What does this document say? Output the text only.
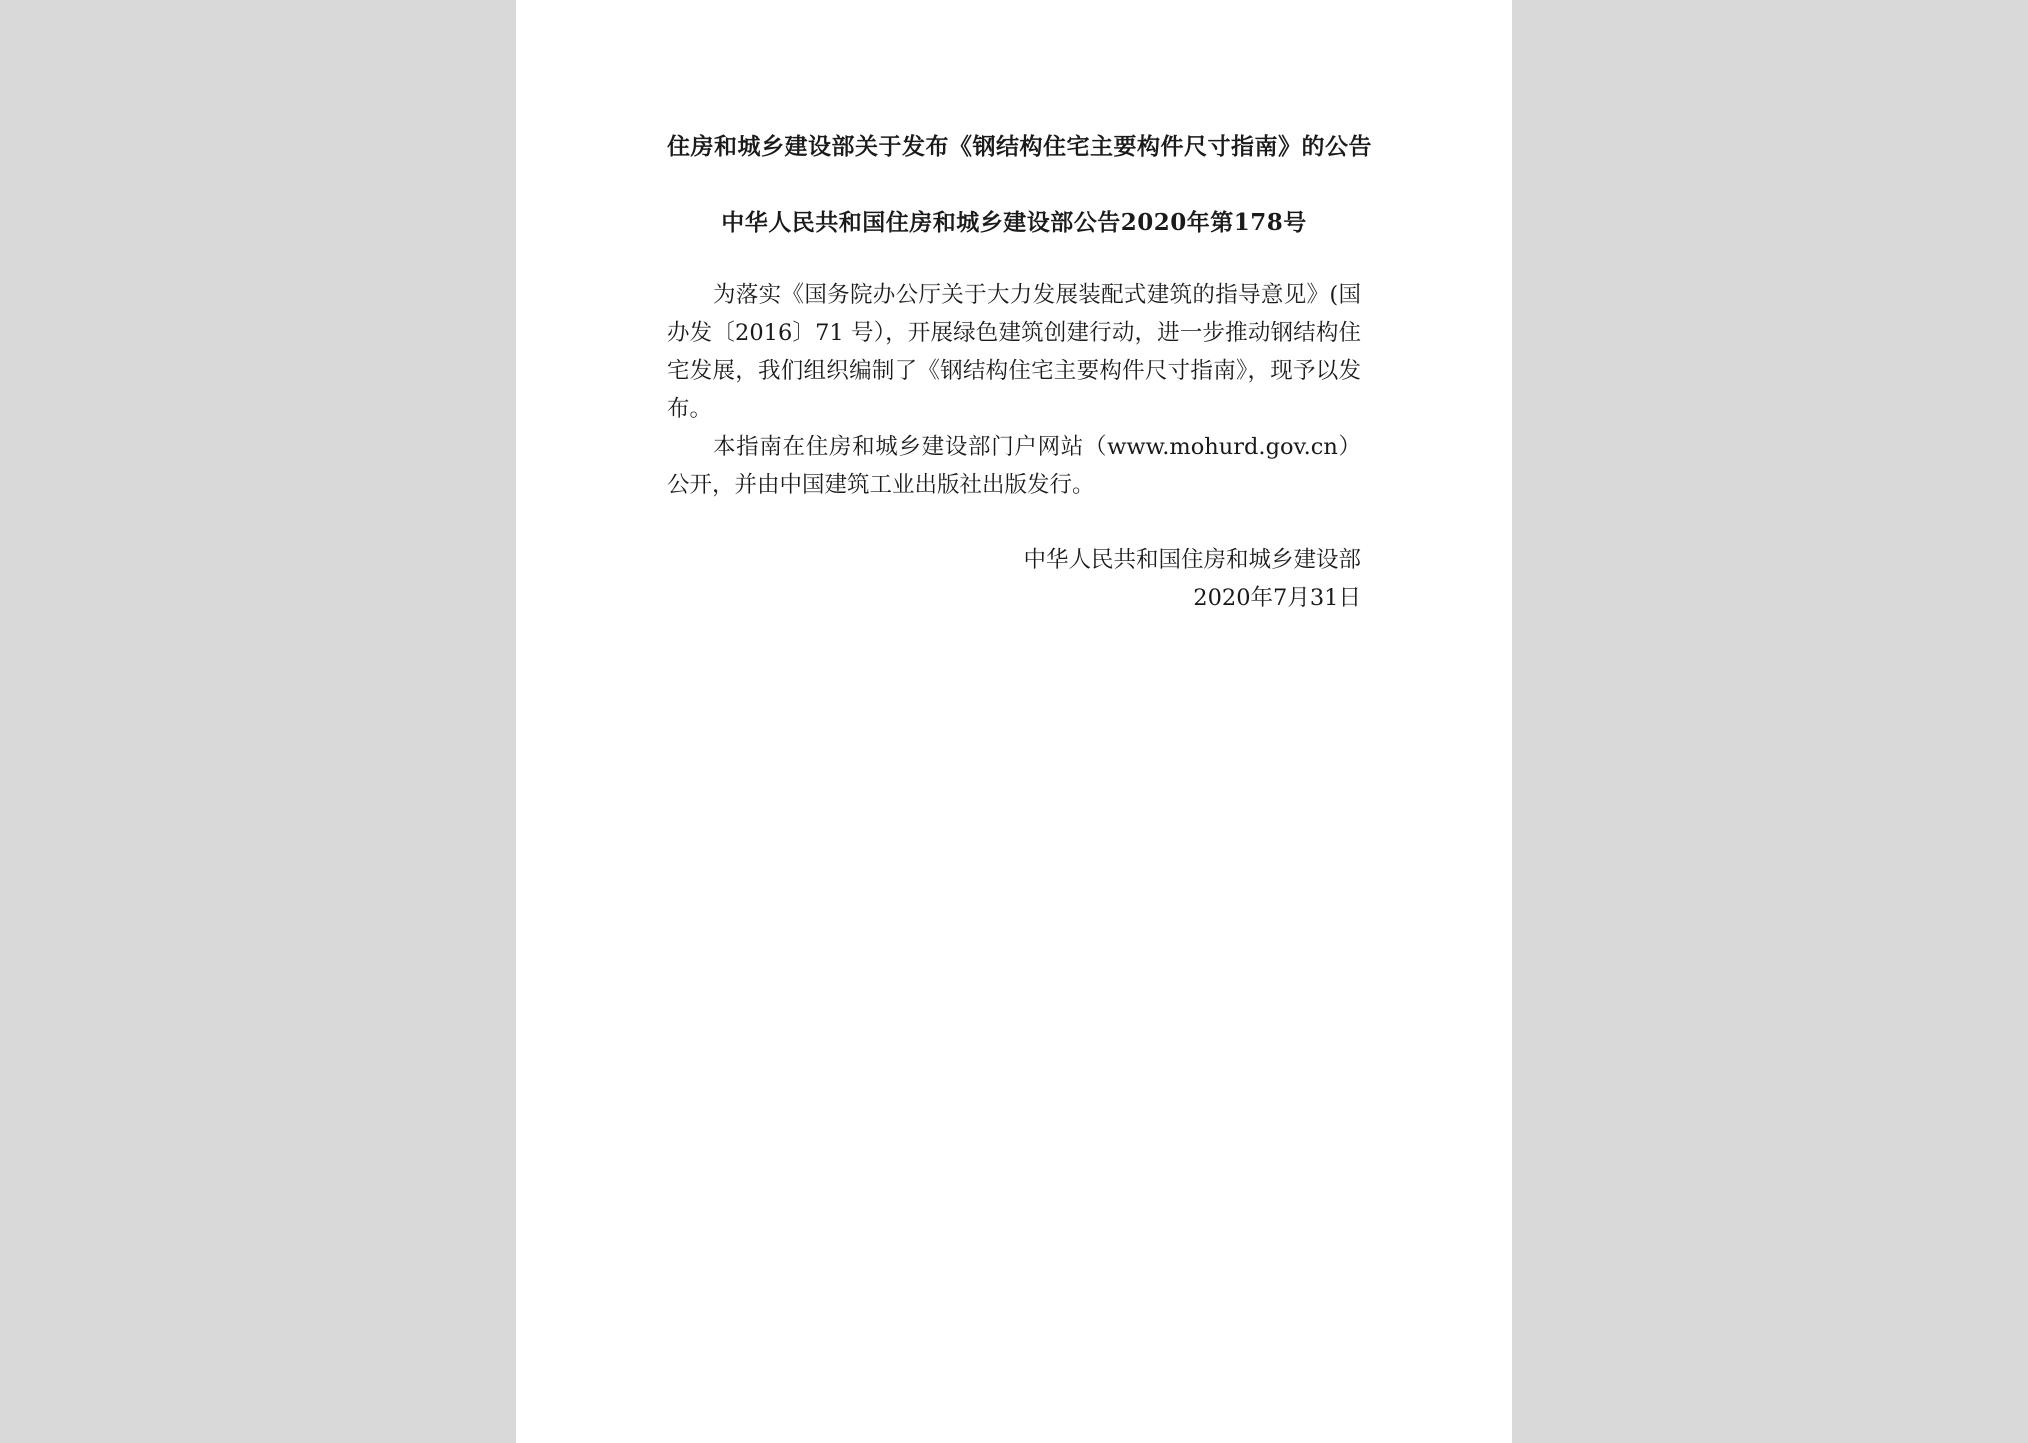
住房和城乡建设部关于发布《钢结构住宅主要构件尺寸指南》的公告
中华人民共和国住房和城乡建设部公告2020年第178号

为落实《国务院办公厅关于大力发展装配式建筑的指导意见》(国办发〔2016〕71 号），开展绿色建筑创建行动，进一步推动钢结构住宅发展，我们组织编制了《钢结构住宅主要构件尺寸指南》，现予以发布。

本指南在住房和城乡建设部门户网站（www.mohurd.gov.cn）公开，并由中国建筑工业出版社出版发行。

中华人民共和国住房和城乡建设部
2020年7月31日
